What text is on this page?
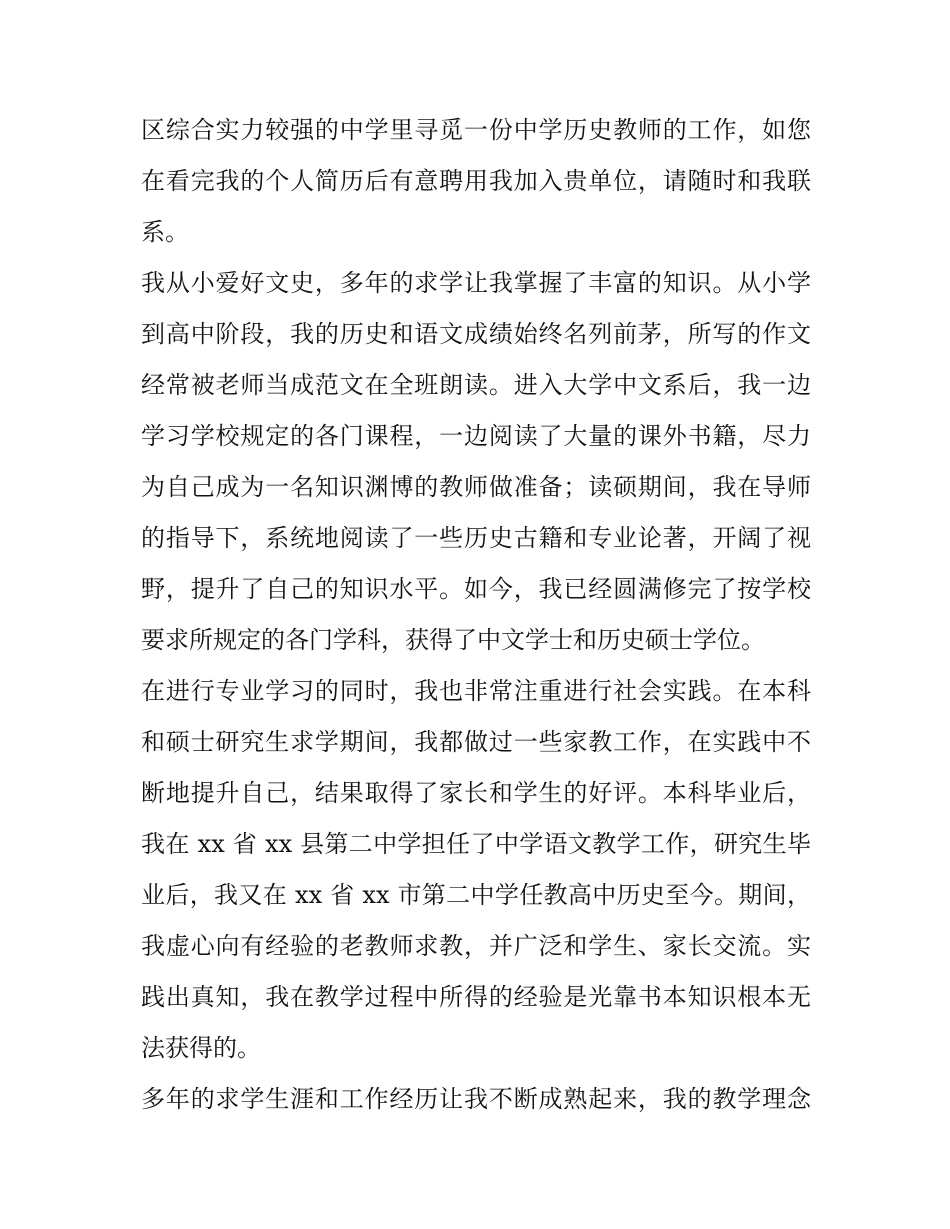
区综合实力较强的中学里寻觅一份中学历史教师的工作，如您
在看完我的个人简历后有意聘用我加入贵单位，请随时和我联
系。
我从小爱好文史，多年的求学让我掌握了丰富的知识。从小学
到高中阶段，我的历史和语文成绩始终名列前茅，所写的作文
经常被老师当成范文在全班朗读。进入大学中文系后，我一边
学习学校规定的各门课程，一边阅读了大量的课外书籍，尽力
为自己成为一名知识渊博的教师做准备；读硕期间，我在导师
的指导下，系统地阅读了一些历史古籍和专业论著，开阔了视
野，提升了自己的知识水平。如今，我已经圆满修完了按学校
要求所规定的各门学科，获得了中文学士和历史硕士学位。
在进行专业学习的同时，我也非常注重进行社会实践。在本科
和硕士研究生求学期间，我都做过一些家教工作，在实践中不
断地提升自己，结果取得了家长和学生的好评。本科毕业后，
我在 xx 省 xx 县第二中学担任了中学语文教学工作，研究生毕
业后，我又在 xx 省 xx 市第二中学任教高中历史至今。期间，
我虚心向有经验的老教师求教，并广泛和学生、家长交流。实
践出真知，我在教学过程中所得的经验是光靠书本知识根本无
法获得的。
多年的求学生涯和工作经历让我不断成熟起来，我的教学理念
